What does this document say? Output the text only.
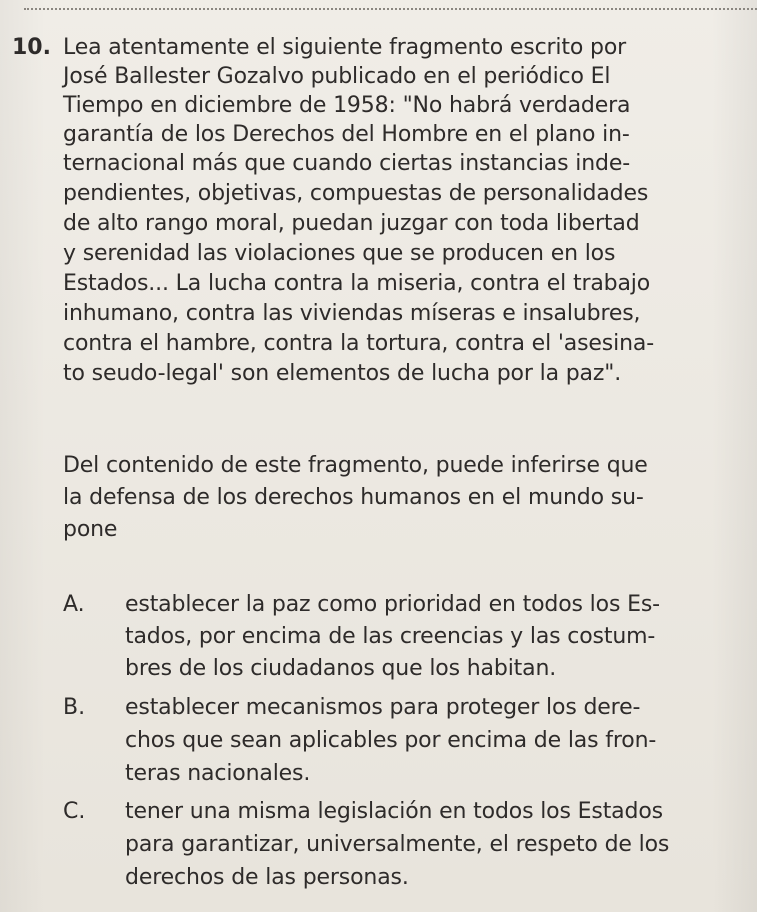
10. Lea atentamente el siguiente fragmento escrito por
José Ballester Gozalvo publicado en el periódico El
Tiempo en diciembre de 1958: "No habrá verdadera
garantía de los Derechos del Hombre en el plano in-
ternacional más que cuando ciertas instancias inde-
pendientes, objetivas, compuestas de personalidades
de alto rango moral, puedan juzgar con toda libertad
y serenidad las violaciones que se producen en los
Estados... La lucha contra la miseria, contra el trabajo
inhumano, contra las viviendas míseras e insalubres,
contra el hambre, contra la tortura, contra el 'asesina-
to seudo-legal' son elementos de lucha por la paz".
Del contenido de este fragmento, puede inferirse que
la defensa de los derechos humanos en el mundo su-
pone
A. establecer la paz como prioridad en todos los Es-
tados, por encima de las creencias y las costum-
bres de los ciudadanos que los habitan.
B. establecer mecanismos para proteger los dere-
chos que sean aplicables por encima de las fron-
teras nacionales.
C. tener una misma legislación en todos los Estados
para garantizar, universalmente, el respeto de los
derechos de las personas.
